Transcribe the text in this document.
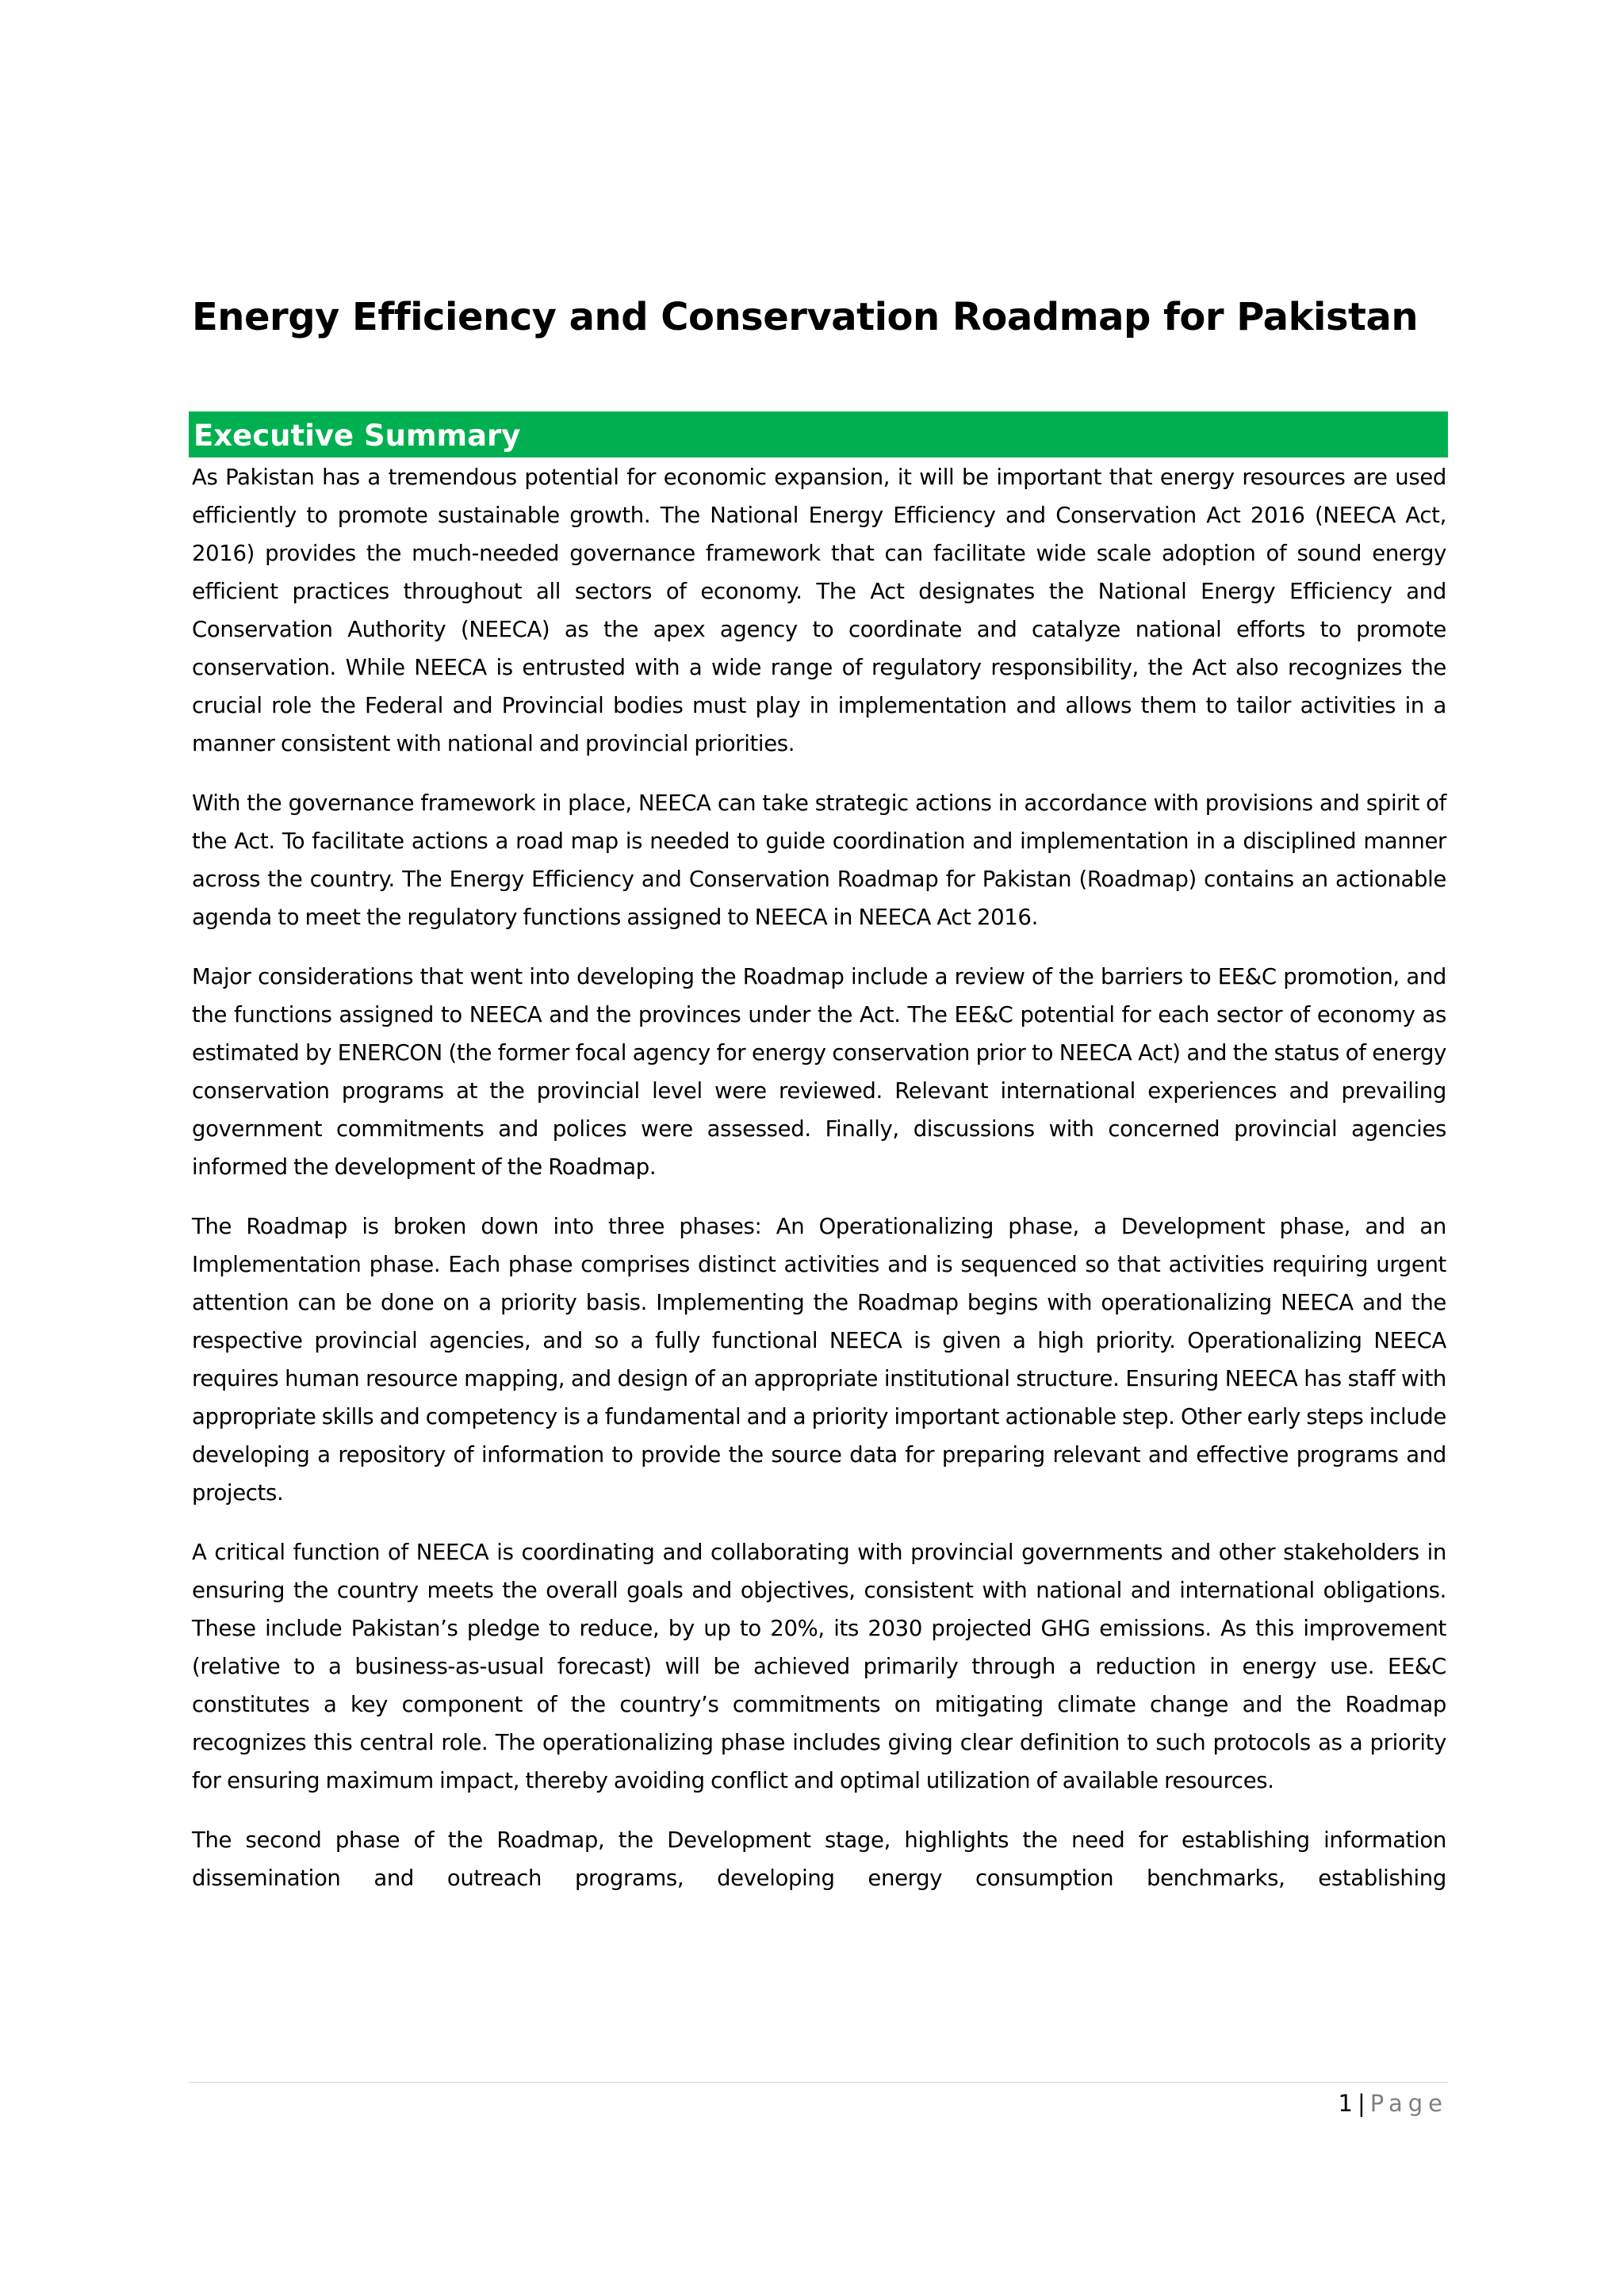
Energy Efficiency and Conservation Roadmap for Pakistan
Executive Summary

As Pakistan has a tremendous potential for economic expansion, it will be important that energy resources are used efficiently to promote sustainable growth. The National Energy Efficiency and Conservation Act 2016 (NEECA Act, 2016) provides the much-needed governance framework that can facilitate wide scale adoption of sound energy efficient practices throughout all sectors of economy. The Act designates the National Energy Efficiency and Conservation Authority (NEECA) as the apex agency to coordinate and catalyze national efforts to promote conservation. While NEECA is entrusted with a wide range of regulatory responsibility, the Act also recognizes the crucial role the Federal and Provincial bodies must play in implementation and allows them to tailor activities in a manner consistent with national and provincial priorities.

With the governance framework in place, NEECA can take strategic actions in accordance with provisions and spirit of the Act. To facilitate actions a road map is needed to guide coordination and implementation in a disciplined manner across the country. The Energy Efficiency and Conservation Roadmap for Pakistan (Roadmap) contains an actionable agenda to meet the regulatory functions assigned to NEECA in NEECA Act 2016.

Major considerations that went into developing the Roadmap include a review of the barriers to EE&C promotion, and the functions assigned to NEECA and the provinces under the Act. The EE&C potential for each sector of economy as estimated by ENERCON (the former focal agency for energy conservation prior to NEECA Act) and the status of energy conservation programs at the provincial level were reviewed. Relevant international experiences and prevailing government commitments and polices were assessed. Finally, discussions with concerned provincial agencies informed the development of the Roadmap.

The Roadmap is broken down into three phases: An Operationalizing phase, a Development phase, and an Implementation phase. Each phase comprises distinct activities and is sequenced so that activities requiring urgent attention can be done on a priority basis. Implementing the Roadmap begins with operationalizing NEECA and the respective provincial agencies, and so a fully functional NEECA is given a high priority. Operationalizing NEECA requires human resource mapping, and design of an appropriate institutional structure. Ensuring NEECA has staff with appropriate skills and competency is a fundamental and a priority important actionable step. Other early steps include developing a repository of information to provide the source data for preparing relevant and effective programs and projects.

A critical function of NEECA is coordinating and collaborating with provincial governments and other stakeholders in ensuring the country meets the overall goals and objectives, consistent with national and international obligations. These include Pakistan’s pledge to reduce, by up to 20%, its 2030 projected GHG emissions. As this improvement (relative to a business-as-usual forecast) will be achieved primarily through a reduction in energy use. EE&C constitutes a key component of the country’s commitments on mitigating climate change and the Roadmap recognizes this central role. The operationalizing phase includes giving clear definition to such protocols as a priority for ensuring maximum impact, thereby avoiding conflict and optimal utilization of available resources.

The second phase of the Roadmap, the Development stage, highlights the need for establishing information dissemination and outreach programs, developing energy consumption benchmarks, establishing

1 | Page
